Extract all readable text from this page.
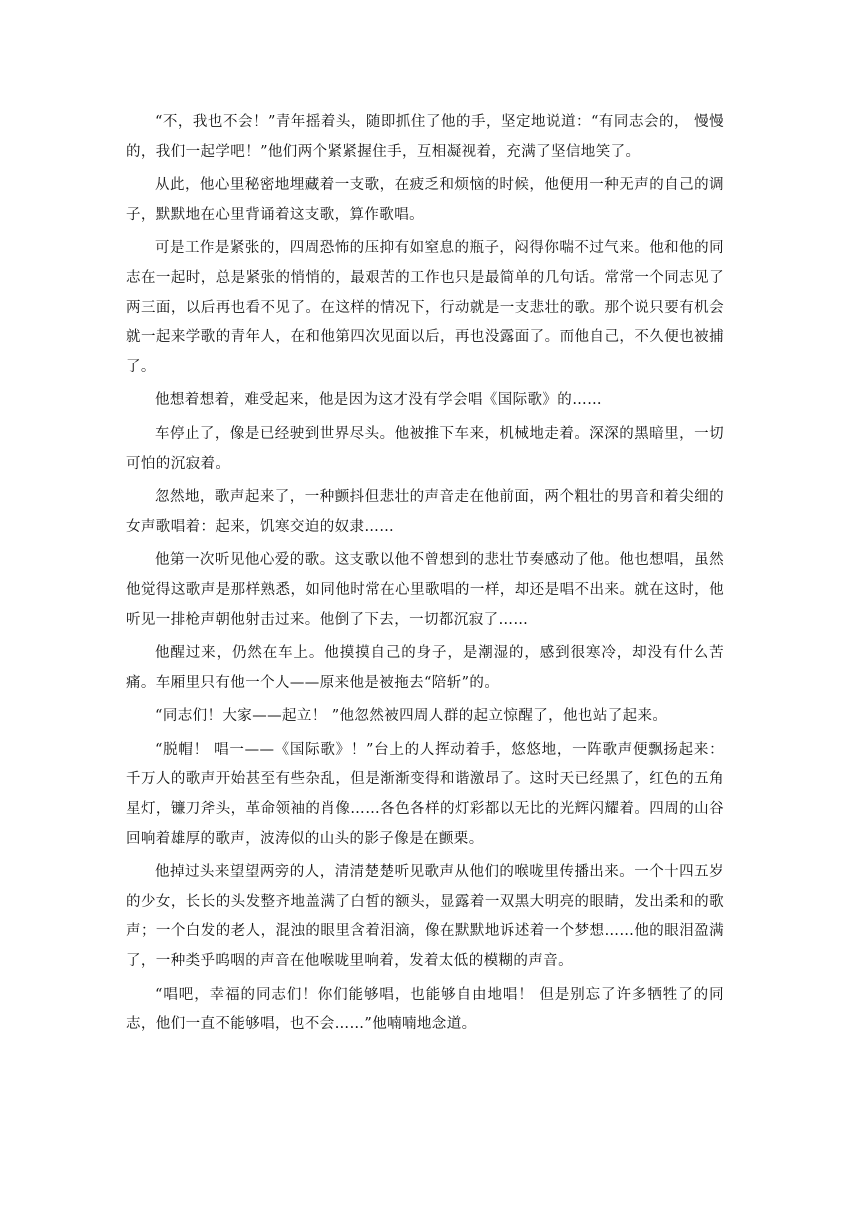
“不，我也不会！”青年摇着头，随即抓住了他的手，坚定地说道：“有同志会的， 慢慢的，我们一起学吧！”他们两个紧紧握住手，互相凝视着，充满了坚信地笑了。

从此，他心里秘密地埋藏着一支歌，在疲乏和烦恼的时候，他便用一种无声的自己的调子，默默地在心里背诵着这支歌，算作歌唱。

可是工作是紧张的，四周恐怖的压抑有如窒息的瓶子，闷得你喘不过气来。他和他的同志在一起时，总是紧张的悄悄的，最艰苦的工作也只是最简单的几句话。常常一个同志见了两三面，以后再也看不见了。在这样的情况下，行动就是一支悲壮的歌。那个说只要有机会就一起来学歌的青年人，在和他第四次见面以后，再也没露面了。而他自己，不久便也被捕了。

他想着想着，难受起来，他是因为这才没有学会唱《国际歌》的……

车停止了，像是已经驶到世界尽头。他被推下车来，机械地走着。深深的黑暗里，一切可怕的沉寂着。

忽然地，歌声起来了，一种颤抖但悲壮的声音走在他前面，两个粗壮的男音和着尖细的女声歌唱着：起来，饥寒交迫的奴隶……

他第一次听见他心爱的歌。这支歌以他不曾想到的悲壮节奏感动了他。他也想唱，虽然他觉得这歌声是那样熟悉，如同他时常在心里歌唱的一样，却还是唱不出来。就在这时，他听见一排枪声朝他射击过来。他倒了下去，一切都沉寂了……

他醒过来，仍然在车上。他摸摸自己的身子，是潮湿的，感到很寒冷，却没有什么苦痛。车厢里只有他一个人——原来他是被拖去“陪斩”的。

“同志们！大家——起立！ ”他忽然被四周人群的起立惊醒了，他也站了起来。

“脱帽！ 唱一——《国际歌》！”台上的人挥动着手，悠悠地，一阵歌声便飘扬起来：千万人的歌声开始甚至有些杂乱，但是渐渐变得和谐激昂了。这时天已经黑了，红色的五角星灯，镰刀斧头，革命领袖的肖像……各色各样的灯彩都以无比的光辉闪耀着。四周的山谷回响着雄厚的歌声，波涛似的山头的影子像是在颤栗。

他掉过头来望望两旁的人，清清楚楚听见歌声从他们的喉咙里传播出来。一个十四五岁的少女，长长的头发整齐地盖满了白皙的额头，显露着一双黑大明亮的眼睛，发出柔和的歌声；一个白发的老人，混浊的眼里含着泪滴，像在默默地诉述着一个梦想……他的眼泪盈满了，一种类乎呜咽的声音在他喉咙里响着，发着太低的模糊的声音。

“唱吧，幸福的同志们！你们能够唱，也能够自由地唱！ 但是别忘了许多牺牲了的同志，他们一直不能够唱，也不会……”他喃喃地念道。
